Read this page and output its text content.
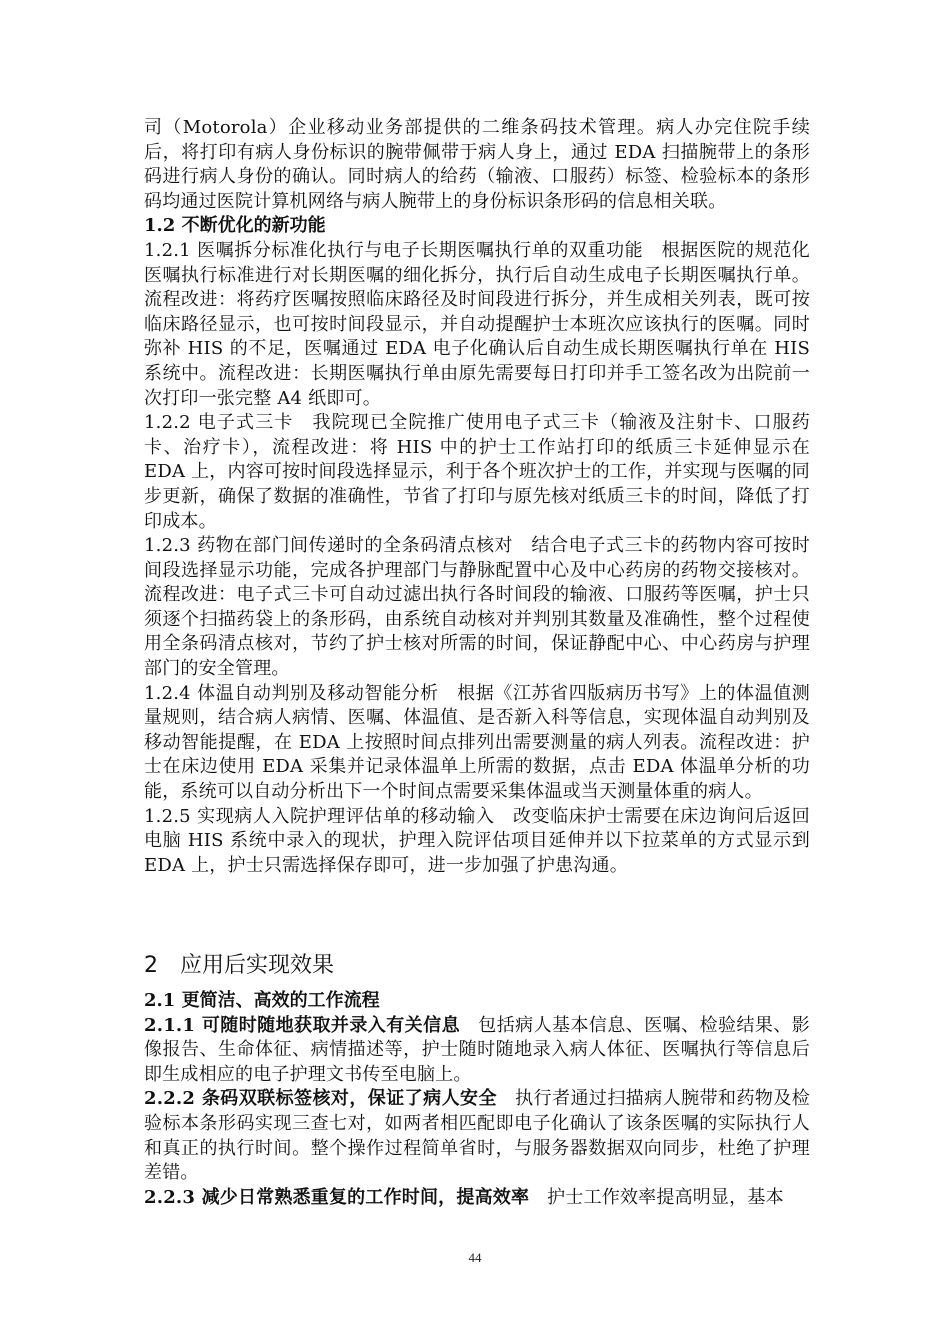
司（Motorola）企业移动业务部提供的二维条码技术管理。病人办完住院手续后，将打印有病人身份标识的腕带佩带于病人身上，通过 EDA 扫描腕带上的条形码进行病人身份的确认。同时病人的给药（输液、口服药）标签、检验标本的条形码均通过医院计算机网络与病人腕带上的身份标识条形码的信息相关联。

1.2 不断优化的新功能

1.2.1 医嘱拆分标准化执行与电子长期医嘱执行单的双重功能 根据医院的规范化医嘱执行标准进行对长期医嘱的细化拆分，执行后自动生成电子长期医嘱执行单。流程改进：将药疗医嘱按照临床路径及时间段进行拆分，并生成相关列表，既可按临床路径显示，也可按时间段显示，并自动提醒护士本班次应该执行的医嘱。同时弥补 HIS 的不足，医嘱通过 EDA 电子化确认后自动生成长期医嘱执行单在 HIS 系统中。流程改进：长期医嘱执行单由原先需要每日打印并手工签名改为出院前一次打印一张完整 A4 纸即可。

1.2.2 电子式三卡 我院现已全院推广使用电子式三卡（输液及注射卡、口服药卡、治疗卡），流程改进：将 HIS 中的护士工作站打印的纸质三卡延伸显示在 EDA 上，内容可按时间段选择显示，利于各个班次护士的工作，并实现与医嘱的同步更新，确保了数据的准确性，节省了打印与原先核对纸质三卡的时间，降低了打印成本。

1.2.3 药物在部门间传递时的全条码清点核对 结合电子式三卡的药物内容可按时间段选择显示功能，完成各护理部门与静脉配置中心及中心药房的药物交接核对。流程改进：电子式三卡可自动过滤出执行各时间段的输液、口服药等医嘱，护士只须逐个扫描药袋上的条形码，由系统自动核对并判别其数量及准确性，整个过程使用全条码清点核对，节约了护士核对所需的时间，保证静配中心、中心药房与护理部门的安全管理。

1.2.4 体温自动判别及移动智能分析 根据《江苏省四版病历书写》上的体温值测量规则，结合病人病情、医嘱、体温值、是否新入科等信息，实现体温自动判别及移动智能提醒，在 EDA 上按照时间点排列出需要测量的病人列表。流程改进：护士在床边使用 EDA 采集并记录体温单上所需的数据，点击 EDA 体温单分析的功能，系统可以自动分析出下一个时间点需要采集体温或当天测量体重的病人。

1.2.5 实现病人入院护理评估单的移动输入 改变临床护士需要在床边询问后返回电脑 HIS 系统中录入的现状，护理入院评估项目延伸并以下拉菜单的方式显示到 EDA 上，护士只需选择保存即可，进一步加强了护患沟通。

2 应用后实现效果

2.1 更简洁、高效的工作流程

2.1.1 可随时随地获取并录入有关信息 包括病人基本信息、医嘱、检验结果、影像报告、生命体征、病情描述等，护士随时随地录入病人体征、医嘱执行等信息后即生成相应的电子护理文书传至电脑上。

2.2.2 条码双联标签核对，保证了病人安全 执行者通过扫描病人腕带和药物及检验标本条形码实现三查七对，如两者相匹配即电子化确认了该条医嘱的实际执行人和真正的执行时间。整个操作过程简单省时，与服务器数据双向同步，杜绝了护理差错。

2.2.3 减少日常熟悉重复的工作时间，提高效率 护士工作效率提高明显，基本

44
